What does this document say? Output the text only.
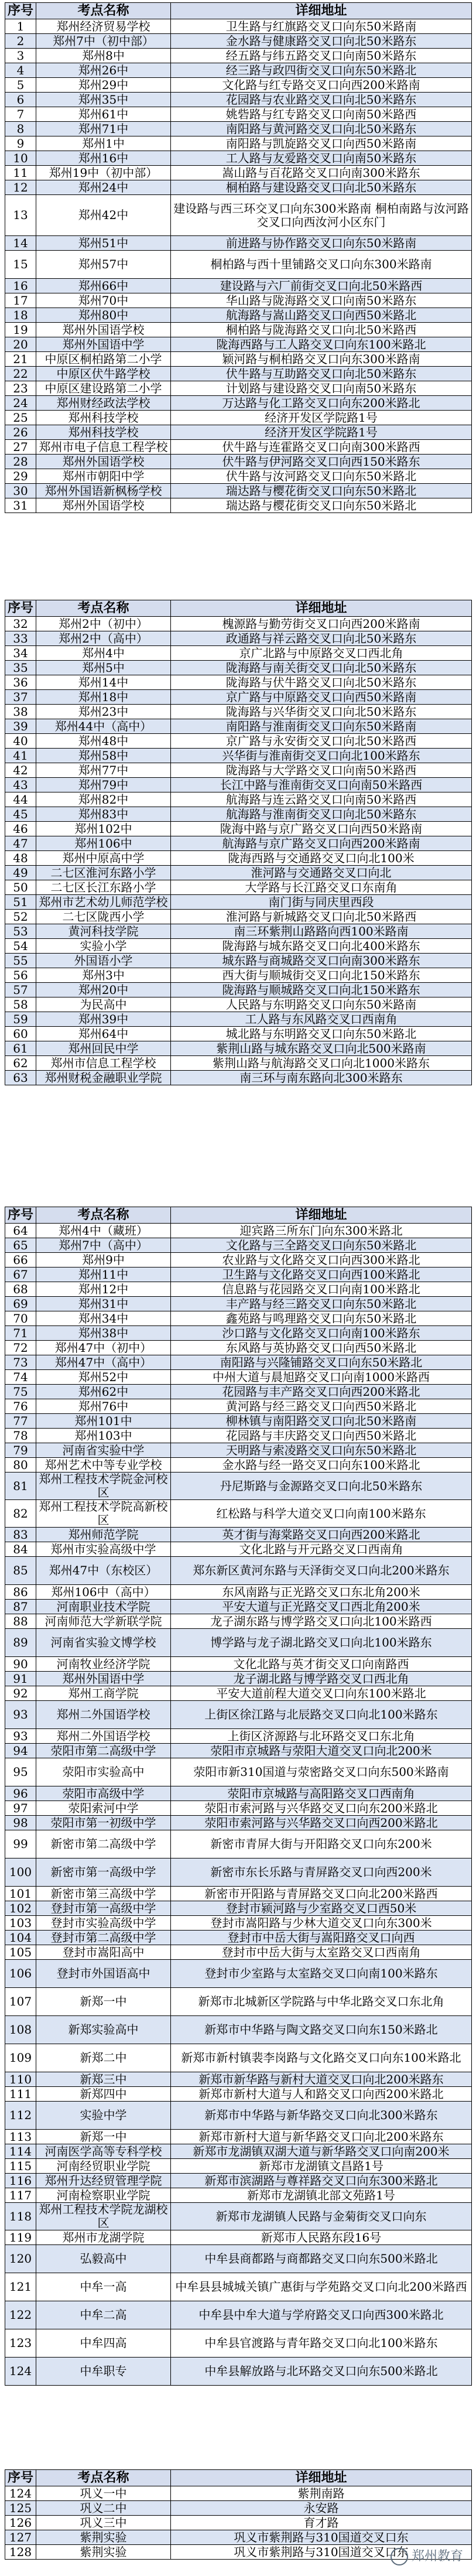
序号	考点名称	详细地址
1	郑州经济贸易学校	卫生路与红旗路交叉口向东50米路南
2	郑州7中（初中部）	金水路与健康路交叉口向北50米路东
3	郑州8中	经五路与纬五路交叉口向南50米路东
4	郑州26中	经三路与政四街交叉口向东50米路北
5	郑州29中	文化路与红专路交叉口向西200米路南
6	郑州35中	花园路与农业路交叉口向北50米路东
7	郑州61中	姚砦路与红专路交叉口向南50米路西
8	郑州71中	南阳路与黄河路交叉口向北50米路东
9	郑州1中	南阳路与凯旋路交叉口向西50米路南
10	郑州16中	工人路与友爱路交叉口向南50米路东
11	郑州19中（初中部）	嵩山路与百花路交叉口向南300米路东
12	郑州24中	桐柏路与建设路交叉口向北50米路东
13	郑州42中	建设路与西三环交叉口向东300米路南 桐柏南路与汝河路交叉口向西汝河小区东门
14	郑州51中	前进路与协作路交叉口向东50米路南
15	郑州57中	桐柏路与西十里铺路交叉口向东300米路南
16	郑州66中	建设路与六厂前街交叉口向北50米路西
17	郑州70中	华山路与陇海路交叉口向南50米路东
18	郑州80中	航海路与嵩山路交叉口向西50米路北
19	郑州外国语学校	桐柏路与陇海路交叉口向北50米路西
20	郑州外国语中学	陇海西路与工人路交叉口向东100米路北
21	中原区桐柏路第二小学	颖河路与桐柏路交叉口向东300米路南
22	中原区伏牛路学校	伏牛路与互助路交叉口向北50米路东
23	中原区建设路第二小学	计划路与建设路交叉口向南50米路东
24	郑州财经政法学校	万达路与化工路交叉口向东200米路北
25	郑州科技学校	经济开发区学院路1号
26	郑州科技学校	经济开发区学院路1号
27	郑州市电子信息工程学校	伏牛路与连霍路交叉口向南300米路西
28	郑州外国语学校	伏牛路与伊河路交叉口向西150米路东
29	郑州市朝阳中学	伏牛路与汝河路交叉口向东50米路北
30	郑州外国语新枫杨学校	瑞达路与樱花街交叉口向东50米路北
31	郑州外国语学校	瑞达路与樱花街交叉口向东50米路北
序号	考点名称	详细地址
32	郑州2中（初中）	槐源路与勤劳街交叉口向西200米路南
33	郑州2中（高中）	政通路与祥云路交叉口向北50米路东
34	郑州4中	京广北路与中原路交叉口西北角
35	郑州5中	陇海路与南关街交叉口向北50米路东
36	郑州14中	陇海路与伏牛路交叉口向北50米路东
37	郑州18中	京广路与中原路交叉口向西50米路南
38	郑州23中	陇海路与兴华街交叉口向北50米路东
39	郑州44中（高中）	南阳路与淮南街交叉口向东50米路南
40	郑州48中	京广路与永安街交叉口向北50米路西
41	郑州58中	兴华街与淮南街交叉口向北100米路东
42	郑州77中	陇海路与大学路交叉口向南50米路西
43	郑州79中	长江中路与淮南街交叉口向南50米路西
44	郑州82中	航海路与连云路交叉口向南50米路西
45	郑州83中	航海路与淮南街交叉口向北50米路东
46	郑州102中	陇海中路与京广路交叉口向西50米路南
47	郑州106中	航海路与京广路交叉口向西200米路南
48	郑州中原高中学	陇海西路与交通路交叉口向北100米
49	二七区淮河东路小学	淮河路与交通路交叉口向北
50	二七区长江东路小学	大学路与长江路交叉口东南角
51	郑州市艺术幼儿师范学校	南门街与同庆里西段
52	二七区陇西小学	淮河路与新城路交叉口向北50米路西
53	黄河科技学院	南三环紫荆山路路向西100米路南
54	实验小学	陇海路与城东路交叉口向北400米路东
55	外国语小学	城东路与商城路交叉口向南300米路东
56	郑州3中	西大街与顺城街交叉口向北150米路东
57	郑州20中	陇海路与顺城路交叉口向北150米路东
58	为民高中	人民路与东明路交叉口向东50米路南
59	郑州39中	工人路与东风路交叉口西南角
60	郑州64中	城北路与东明路交叉口向东50米路北
61	郑州回民中学	紫荆山路与城东路交叉口向北500米路南
62	郑州市信息工程学校	紫荆山路与航海路交叉口向北1000米路东
63	郑州财税金融职业学院	南三环与南东路向北300米路东
序号	考点名称	详细地址
64	郑州4中（藏班）	迎宾路三所东门向东300米路北
65	郑州7中（高中）	文化路与三全路交叉口向东50米路北
66	郑州9中	农业路与文化路交叉口向西300米路北
67	郑州11中	卫生路与文化路交叉口向西100米路北
68	郑州12中	信息路与花园路交叉口向南100米路北
69	郑州31中	丰产路与经三路交叉口向东50米路北
70	郑州34中	鑫苑路与鸣理路交叉口向东50米路北
71	郑州38中	沙口路与文化路交叉口向南100米路东
72	郑州47中（初中）	东风路与英协路交叉口向西50米路北
73	郑州47中（高中）	南阳路与兴隆铺路交叉口向东50米路北
74	郑州52中	中州大道与晨旭路交叉口向南1000米路西
75	郑州62中	花园路与丰产路交叉口向西200米路北
76	郑州76中	黄河路与经三路交叉口向西50米路北
77	郑州101中	柳林镇与南阳路交叉口向北50米路南
78	郑州103中	花园路与丰庆路交叉口向西50米路北
79	河南省实验中学	天明路与索凌路交叉口向东50米路北
80	郑州艺术中等专业学校	金水路与经一路交叉口向东100米路北
81	郑州工程技术学院金河校区	丹尼斯路与金源路交叉口向北50米路东
82	郑州工程技术学院高新校区	红松路与科学大道交叉口向南100米路东
83	郑州师范学院	英才街与海棠路交叉口向西200米路北
84	郑州市实验高级中学	文化北路与开元路交叉口西南角
85	郑州47中（东校区）	郑东新区黄河东路与天泽街交叉口向北200米路东
86	郑州106中（高中）	东风南路与正光路交叉口东北角200米
87	河南职业技术学院	平安大道与正光路交叉口西北角200米
88	河南师范大学新联学院	龙子湖东路与博学路交叉口向北100米路西
89	河南省实验文博学校	博学路与龙子湖北路交叉口向北100米路东
90	河南牧业经济学院	文化北路与英才街交叉口向南路西
91	郑州外国语中学	龙子湖北路与博学路交叉口西北角
92	郑州工商学院	平安大道前程大道交叉口向东100米路北
93	郑州二外国语学校	上街区徐江路与北辰路交叉口向北100米路东
93	郑州二外国语学校	上街区济源路与北环路交叉口东北角
94	荥阳市第二高级中学	荥阳市京城路与荥阳大道交叉口向北200米
95	荥阳市实验高中	荥阳市新310国道与荥密路交叉口向东500米路南
96	荥阳市高级中学	荥阳市京城路与高阳路交叉口西南角
97	荥阳索河中学	荥阳市索河路与兴华路交叉口向东200米路北
98	荥阳市第一初级中学	荥阳市索河路与兴华路交叉口向西200米路北
99	新密市第二高级中学	新密市青屏大街与开阳路交叉口向东200米
100	新密市第一高级中学	新密市东长乐路与青屏路交叉口向西200米
101	新密市第三高级中学	新密市开阳路与青屏路交叉口向北200米路西
102	登封市第一高级中学	登封市颍河路与少室路交叉口西50米
103	登封市实验高级中学	登封市嵩阳路与少林大道交叉口向东300米
104	登封市第二高级中学	登封市中岳大街与嵩阳路交叉口向西
105	登封市嵩阳高中	登封市中岳大街与太室路交叉口西南角
106	登封市外国语高中	登封市少室路与太室路交叉口向南100米路东
107	新郑一中	新郑市北城新区学院路与中华北路交叉口东北角
108	新郑实验高中	新郑市中华路与陶文路交叉口向东150米路北
109	新郑二中	新郑市新村镇裴李岗路与文化路交叉口向东100米路北
110	新郑三中	新郑市新华路与新村大道交叉口向北200米路东
111	新郑四中	新郑市新村大道与人和路交叉口向西200米路北
112	实验中学	新郑市中华路与新华路交叉口向北300米路东
113	新郑一中	新郑市新村大道与新华路交叉口向北200米路东
114	河南医学高等专科学校	新郑市龙湖镇双湖大道与新华路交叉口向南200米
115	河南经贸职业学院	新郑市龙湖镇文昌路1号
116	郑州升达经贸管理学院	新郑市滨湖路与尊祥路交叉口向东300米路北
117	河南检察职业学院	新郑市龙湖镇北部文苑路1号
118	郑州工程技术学院龙湖校区	新郑市龙湖镇人民路与金菊街交叉口向东
119	郑州市龙湖学院	新郑市人民路东段16号
120	弘毅高中	中牟县商都路与商都路交叉口向东500米路北
121	中牟一高	中牟县县城城关镇广惠街与学苑路交叉口向北200米路西
122	中牟二高	中牟县中牟大道与学府路交叉口向西300米路北
123	中牟四高	中牟县官渡路与青年路交叉口向北100米路东
124	中牟职专	中牟县解放路与北环路交叉口向东500米路北
序号	考点名称	详细地址
124	巩义一中	紫荆南路
125	巩义二中	永安路
126	巩义三中	育才路
127	紫荆实验	巩义市紫荆路与310国道交叉口东
128	紫荆实验	巩义市紫荆路与310国道交叉口东 郑州教育
